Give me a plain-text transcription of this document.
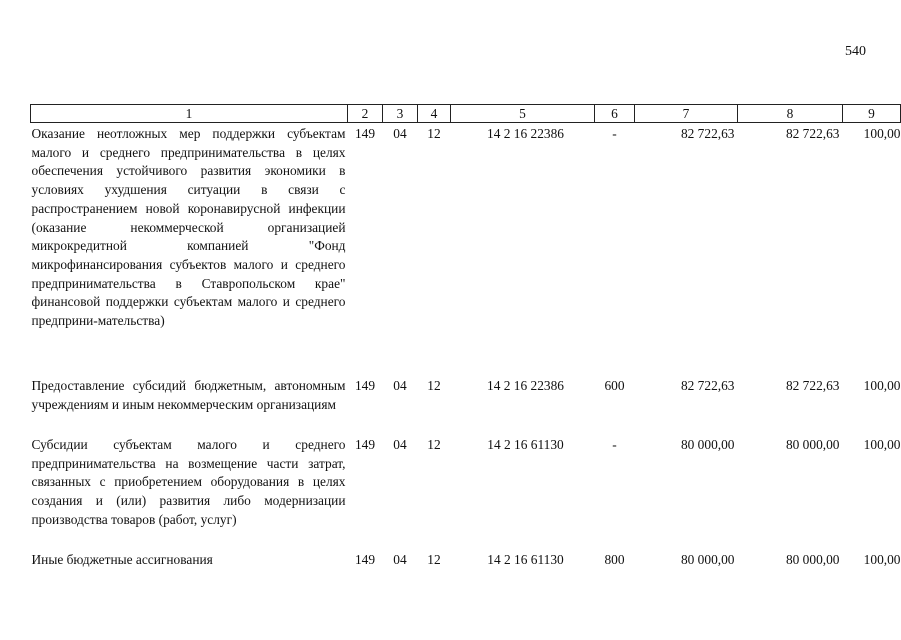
540
1	2	3	4	5	6	7	8	9
Оказание неотложных мер поддержки субъектам малого и среднего предпринимательства в целях обеспечения устойчивого развития экономики в условиях ухудшения ситуации в связи с распространением новой коронавирусной инфекции (оказание некоммерческой организацией микрокредитной компанией "Фонд микрофинансирования субъектов малого и среднего предпринимательства в Ставропольском крае" финансовой поддержки субъектам малого и среднего предприни-мательства)	149	04	12	14 2 16 22386	-	82 722,63	82 722,63	100,00
Предоставление субсидий бюджетным, автономным учреждениям и иным некоммерческим организациям	149	04	12	14 2 16 22386	600	82 722,63	82 722,63	100,00
Субсидии субъектам малого и среднего предпринимательства на возмещение части затрат, связанных с приобретением оборудования в целях создания и (или) развития либо модернизации производства товаров (работ, услуг)	149	04	12	14 2 16 61130	-	80 000,00	80 000,00	100,00
Иные бюджетные ассигнования	149	04	12	14 2 16 61130	800	80 000,00	80 000,00	100,00
